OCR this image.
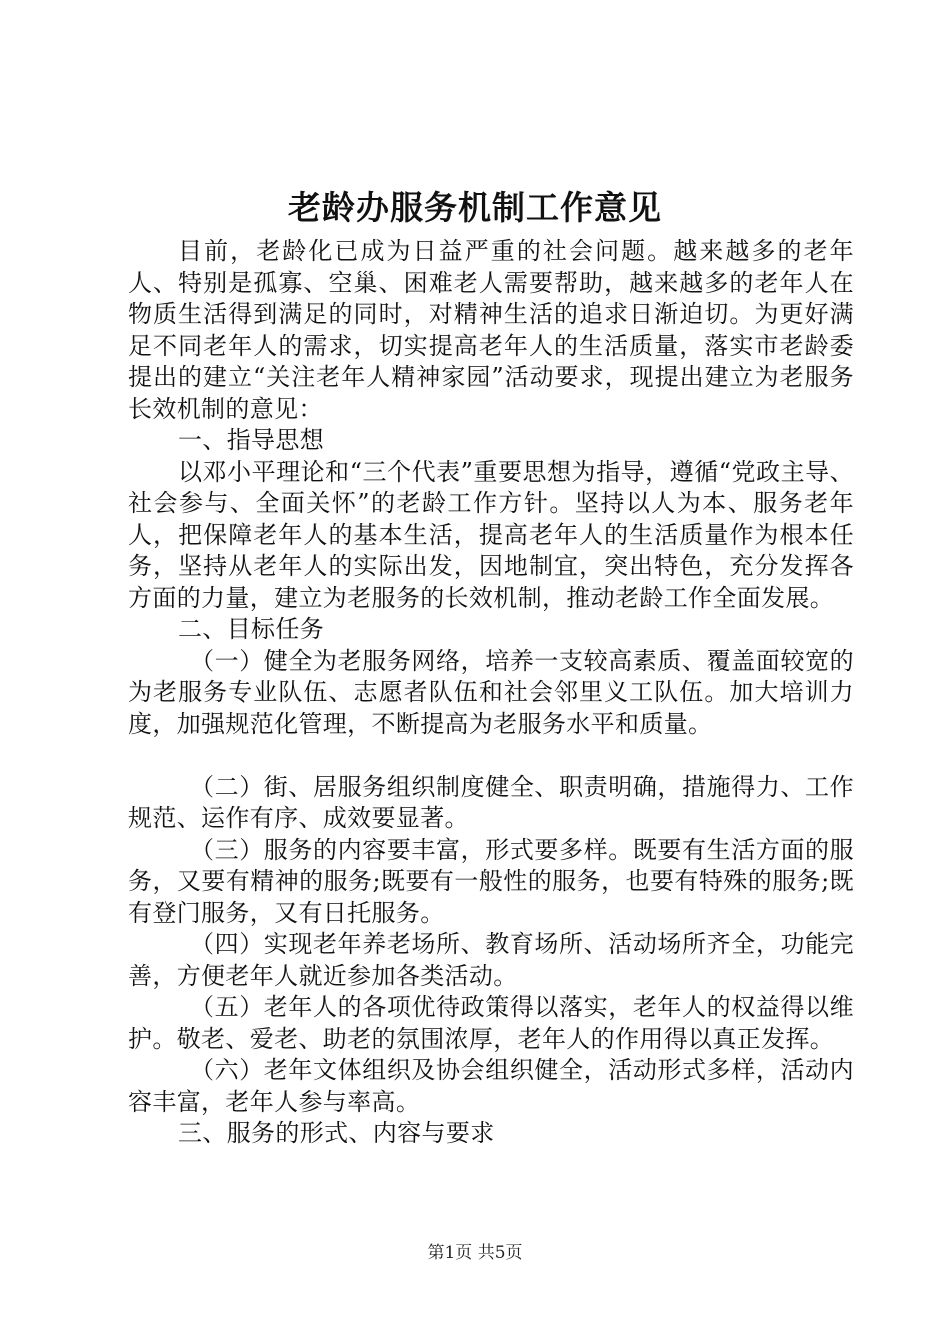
老龄办服务机制工作意见

目前，老龄化已成为日益严重的社会问题。越来越多的老年人、特别是孤寡、空巢、困难老人需要帮助，越来越多的老年人在物质生活得到满足的同时，对精神生活的追求日渐迫切。为更好满足不同老年人的需求，切实提高老年人的生活质量，落实市老龄委提出的建立“关注老年人精神家园”活动要求，现提出建立为老服务长效机制的意见：

一、指导思想

以邓小平理论和“三个代表”重要思想为指导，遵循“党政主导、社会参与、全面关怀”的老龄工作方针。坚持以人为本、服务老年人，把保障老年人的基本生活，提高老年人的生活质量作为根本任务，坚持从老年人的实际出发，因地制宜，突出特色，充分发挥各方面的力量，建立为老服务的长效机制，推动老龄工作全面发展。

二、目标任务

（一）健全为老服务网络，培养一支较高素质、覆盖面较宽的为老服务专业队伍、志愿者队伍和社会邻里义工队伍。加大培训力度，加强规范化管理，不断提高为老服务水平和质量。

（二）街、居服务组织制度健全、职责明确，措施得力、工作规范、运作有序、成效要显著。

（三）服务的内容要丰富，形式要多样。既要有生活方面的服务，又要有精神的服务;既要有一般性的服务，也要有特殊的服务;既有登门服务，又有日托服务。

（四）实现老年养老场所、教育场所、活动场所齐全，功能完善，方便老年人就近参加各类活动。

（五）老年人的各项优待政策得以落实，老年人的权益得以维护。敬老、爱老、助老的氛围浓厚，老年人的作用得以真正发挥。

（六）老年文体组织及协会组织健全，活动形式多样，活动内容丰富，老年人参与率高。

三、服务的形式、内容与要求

第1页 共5页
